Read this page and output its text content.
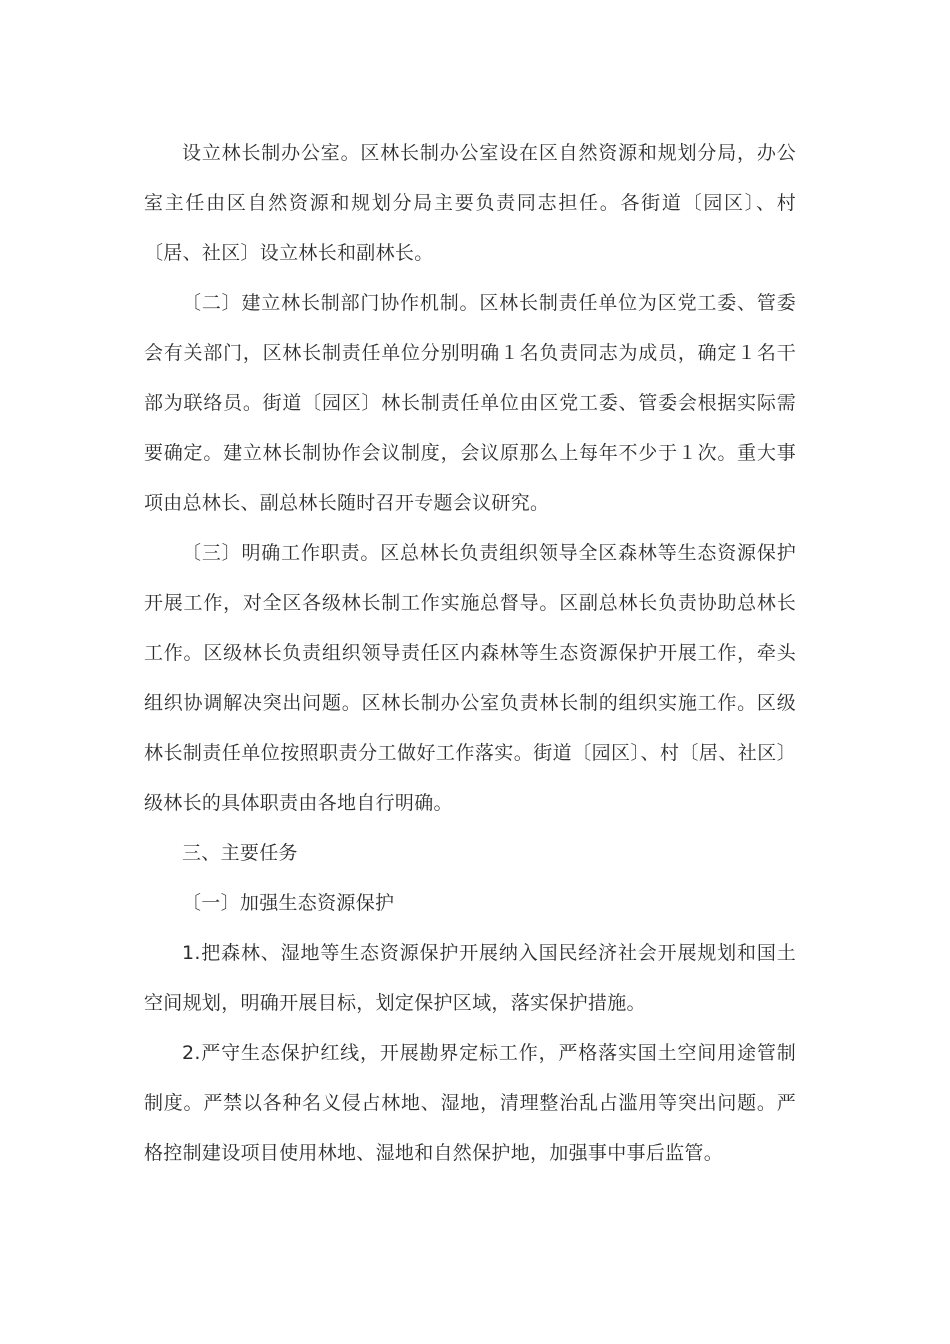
设立林长制办公室。区林长制办公室设在区自然资源和规划分局，办公室主任由区自然资源和规划分局主要负责同志担任。各街道〔园区〕、村〔居、社区〕设立林长和副林长。

〔二〕建立林长制部门协作机制。区林长制责任单位为区党工委、管委会有关部门，区林长制责任单位分别明确１名负责同志为成员，确定１名干部为联络员。街道〔园区〕林长制责任单位由区党工委、管委会根据实际需要确定。建立林长制协作会议制度，会议原那么上每年不少于１次。重大事项由总林长、副总林长随时召开专题会议研究。

〔三〕明确工作职责。区总林长负责组织领导全区森林等生态资源保护开展工作，对全区各级林长制工作实施总督导。区副总林长负责协助总林长工作。区级林长负责组织领导责任区内森林等生态资源保护开展工作，牵头组织协调解决突出问题。区林长制办公室负责林长制的组织实施工作。区级林长制责任单位按照职责分工做好工作落实。街道〔园区〕、村〔居、社区〕级林长的具体职责由各地自行明确。

三、主要任务

〔一〕加强生态资源保护

1.把森林、湿地等生态资源保护开展纳入国民经济社会开展规划和国土空间规划，明确开展目标，划定保护区域，落实保护措施。

2.严守生态保护红线，开展勘界定标工作，严格落实国土空间用途管制制度。严禁以各种名义侵占林地、湿地，清理整治乱占滥用等突出问题。严格控制建设项目使用林地、湿地和自然保护地，加强事中事后监管。
